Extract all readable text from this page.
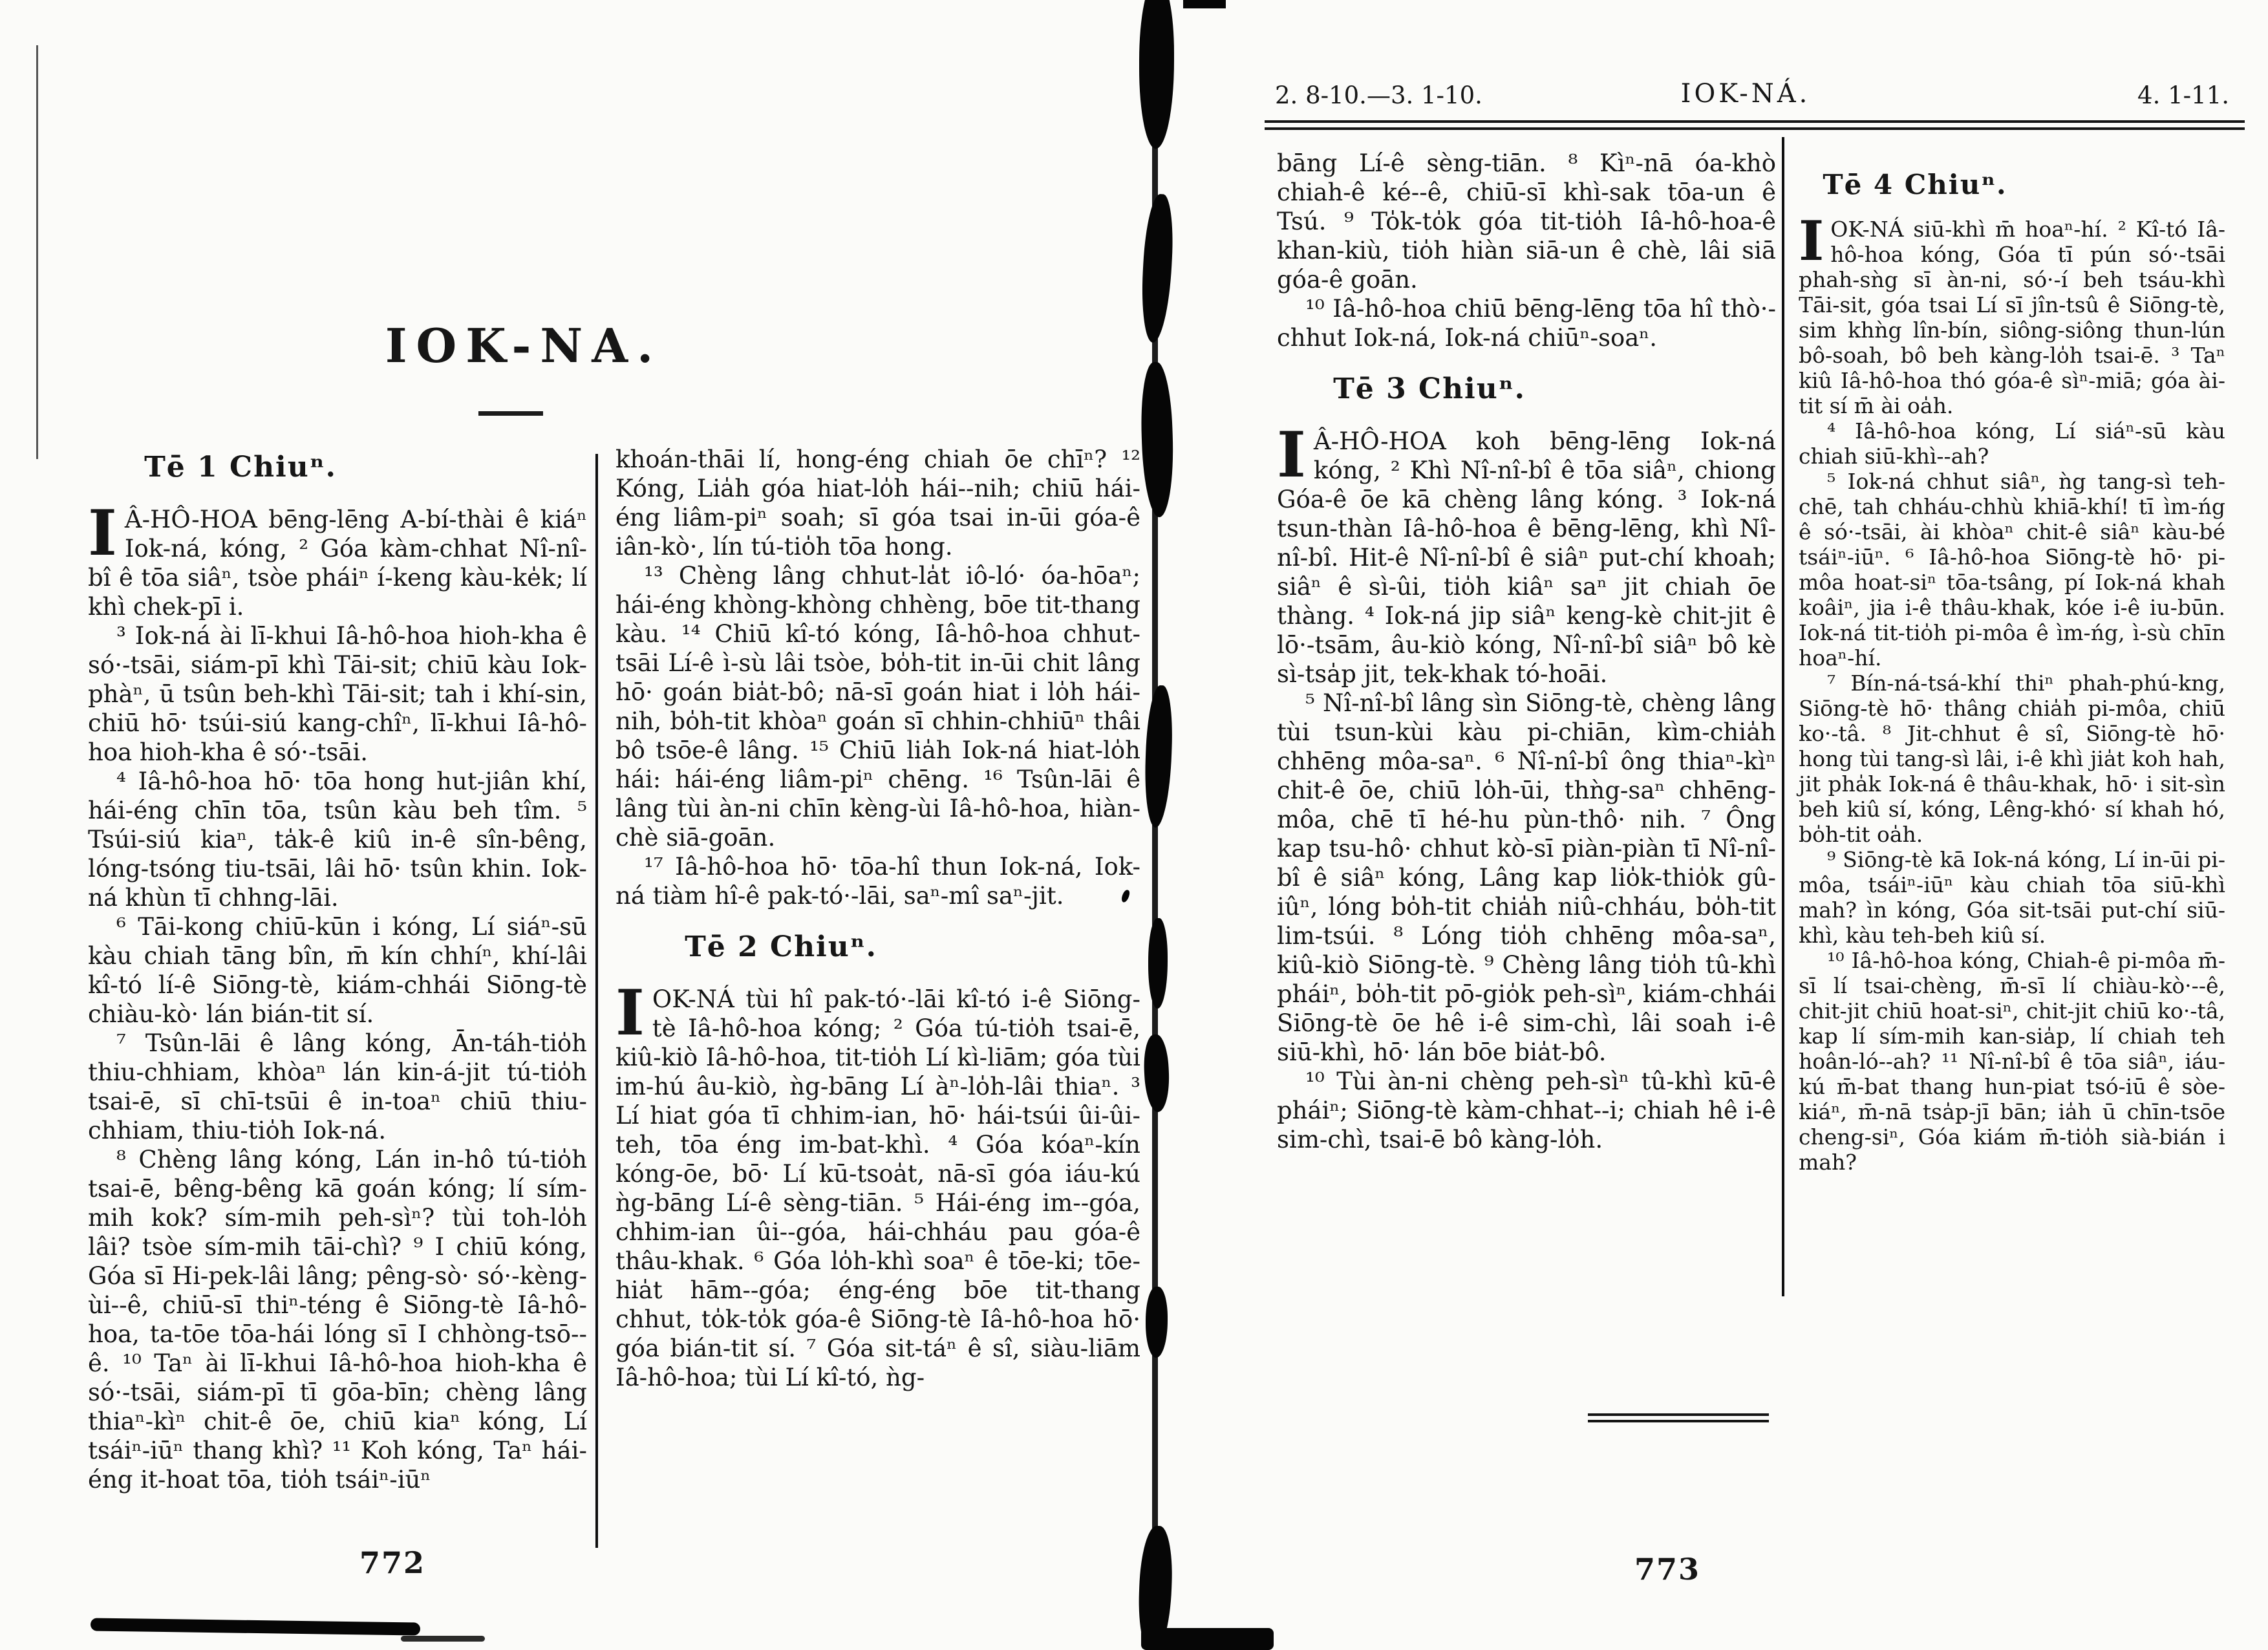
IOK-NA.
Tē 1 Chiuⁿ.

I Â-HÔ-HOA bēng-lēng A-bí-thài ê kiáⁿ Iok-ná, kóng, ² Góa kàm-chhat Nî-nî-bî ê tōa siâⁿ, tsòe pháiⁿ í-keng kàu-ke̍k; lí khì chek-pī i.

³ Iok-ná ài lī-khui Iâ-hô-hoa hioh-kha ê só·-tsāi, siám-pī khì Tāi-sit; chiū kàu Iok-phàⁿ, ū tsûn beh-khì Tāi-sit; tah i khí-sin, chiū hō· tsúi-siú kang-chîⁿ, lī-khui Iâ-hô-hoa hioh-kha ê só·-tsāi.

⁴ Iâ-hô-hoa hō· tōa hong hut-jiân khí, hái-éng chīn tōa, tsûn kàu beh tîm. ⁵ Tsúi-siú kiaⁿ, ta̍k-ê kiû in-ê sîn-bêng, lóng-tsóng tiu-tsāi, lâi hō· tsûn khin. Iok-ná khùn tī chhng-lāi.

⁶ Tāi-kong chiū-kūn i kóng, Lí siáⁿ-sū kàu chiah tāng bîn, m̄ kín chhíⁿ, khí-lâi kî-tó lí-ê Siōng-tè, kiám-chhái Siōng-tè chiàu-kò· lán bián-tit sí.

⁷ Tsûn-lāi ê lâng kóng, Ān-táh-tio̍h thiu-chhiam, khòaⁿ lán kin-á-jit tú-tio̍h tsai-ē, sī chī-tsūi ê in-toaⁿ chiū thiu-chhiam, thiu-tio̍h Iok-ná.

⁸ Chèng lâng kóng, Lán in-hô tú-tio̍h tsai-ē, bêng-bêng kā goán kóng; lí sím-mih kok? sím-mih peh-sìⁿ? tùi toh-lo̍h lâi? tsòe sím-mih tāi-chì? ⁹ I chiū kóng, Góa sī Hi-pek-lâi lâng; pêng-sò· só·-kèng-ùi--ê, chiū-sī thiⁿ-téng ê Siōng-tè Iâ-hô-hoa, ta-tōe tōa-hái lóng sī I chhòng-tsō--ê. ¹⁰ Taⁿ ài lī-khui Iâ-hô-hoa hioh-kha ê só·-tsāi, siám-pī tī gōa-bīn; chèng lâng thiaⁿ-kìⁿ chit-ê ōe, chiū kiaⁿ kóng, Lí tsáiⁿ-iūⁿ thang khì? ¹¹ Koh kóng, Taⁿ hái-éng it-hoat tōa, tio̍h tsáiⁿ-iūⁿ

khoán-thāi lí, hong-éng chiah ōe chīⁿ? ¹² Kóng, Lia̍h góa hiat-lo̍h hái--nih; chiū hái-éng liâm-piⁿ soah; sī góa tsai in-ūi góa-ê iân-kò·, lín tú-tio̍h tōa hong.

¹³ Chèng lâng chhut-la̍t iô-ló· óa-hōaⁿ; hái-éng khòng-khòng chhèng, bōe tit-thang kàu. ¹⁴ Chiū kî-tó kóng, Iâ-hô-hoa chhut-tsāi Lí-ê ì-sù lâi tsòe, bo̍h-tit in-ūi chit lâng hō· goán bia̍t-bô; nā-sī goán hiat i lo̍h hái-nih, bo̍h-tit khòaⁿ goán sī chhin-chhiūⁿ thâi bô tsōe-ê lâng. ¹⁵ Chiū lia̍h Iok-ná hiat-lo̍h hái: hái-éng liâm-piⁿ chēng. ¹⁶ Tsûn-lāi ê lâng tùi àn-ni chīn kèng-ùi Iâ-hô-hoa, hiàn-chè siā-goān.

¹⁷ Iâ-hô-hoa hō· tōa-hî thun Iok-ná, Iok-ná tiàm hî-ê pak-tó·-lāi, saⁿ-mî saⁿ-jit.

Tē 2 Chiuⁿ.

IOK-NÁ tùi hî pak-tó·-lāi kî-tó i-ê Siōng-tè Iâ-hô-hoa kóng; ² Góa tú-tio̍h tsai-ē, kiû-kiò Iâ-hô-hoa, tit-tio̍h Lí kì-liām; góa tùi im-hú âu-kiò, ǹg-bāng Lí àⁿ-lo̍h-lâi thiaⁿ. ³ Lí hiat góa tī chhim-ian, hō· hái-tsúi ûi-ûi-teh, tōa éng im-bat-khì. ⁴ Góa kóaⁿ-kín kóng-ōe, bō· Lí kū-tsoa̍t, nā-sī góa iáu-kú ǹg-bāng Lí-ê sèng-tiān. ⁵ Hái-éng im--góa, chhim-ian ûi--góa, hái-chháu pau góa-ê thâu-khak. ⁶ Góa lo̍h-khì soaⁿ ê tōe-ki; tōe-hia̍t hām--góa; éng-éng bōe tit-thang chhut, to̍k-to̍k góa-ê Siōng-tè Iâ-hô-hoa hō· góa bián-tit sí. ⁷ Góa sit-táⁿ ê sî, siàu-liām Iâ-hô-hoa; tùi Lí kî-tó, ǹg-

772
2. 8-10.—3. 1-10.	IOK-NÁ.	4. 1-11.

bāng Lí-ê sèng-tiān. ⁸ Kìⁿ-nā óa-khò chiah-ê ké--ê, chiū-sī khì-sak tōa-un ê Tsú. ⁹ To̍k-to̍k góa tit-tio̍h Iâ-hô-hoa-ê khan-kiù, tio̍h hiàn siā-un ê chè, lâi siā góa-ê goān.

¹⁰ Iâ-hô-hoa chiū bēng-lēng tōa hî thò·-chhut Iok-ná, Iok-ná chiūⁿ-soaⁿ.

Tē 3 Chiuⁿ.

I Â-HÔ-HOA koh bēng-lēng Iok-ná kóng, ² Khì Nî-nî-bî ê tōa siâⁿ, chiong Góa-ê ōe kā chèng lâng kóng. ³ Iok-ná tsun-thàn Iâ-hô-hoa ê bēng-lēng, khì Nî-nî-bî. Hit-ê Nî-nî-bî ê siâⁿ put-chí khoah; siâⁿ ê sì-ûi, tio̍h kiâⁿ saⁿ jit chiah ōe thàng. ⁴ Iok-ná jip siâⁿ keng-kè chit-jit ê lō·-tsām, âu-kiò kóng, Nî-nî-bî siâⁿ bô kè sì-tsa̍p jit, tek-khak tó-hoāi.

⁵ Nî-nî-bî lâng sìn Siōng-tè, chèng lâng tùi tsun-kùi kàu pi-chiān, kìm-chia̍h chhēng môa-saⁿ. ⁶ Nî-nî-bî ông thiaⁿ-kìⁿ chit-ê ōe, chiū lo̍h-ūi, thǹg-saⁿ chhēng-môa, chē tī hé-hu pùn-thô· nih. ⁷ Ông kap tsu-hô· chhut kò-sī piàn-piàn tī Nî-nî-bî ê siâⁿ kóng, Lâng kap lio̍k-thio̍k gû-iûⁿ, lóng bo̍h-tit chia̍h niû-chháu, bo̍h-tit lim-tsúi. ⁸ Lóng tio̍h chhēng môa-saⁿ, kiû-kiò Siōng-tè. ⁹ Chèng lâng tio̍h tû-khì pháiⁿ, bo̍h-tit pō-gio̍k peh-sìⁿ, kiám-chhái Siōng-tè ōe hê i-ê sim-chì, lâi soah i-ê siū-khì, hō· lán bōe bia̍t-bô.

¹⁰ Tùi àn-ni chèng peh-sìⁿ tû-khì kū-ê pháiⁿ; Siōng-tè kàm-chhat--i; chiah hê i-ê sim-chì, tsai-ē bô kàng-lo̍h.

Tē 4 Chiuⁿ.

IOK-NÁ siū-khì m̄ hoaⁿ-hí. ² Kî-tó Iâ-hô-hoa kóng, Góa tī pún só·-tsāi phah-sǹg sī àn-ni, só·-í beh tsáu-khì Tāi-sit, góa tsai Lí sī jîn-tsû ê Siōng-tè, sim khǹg lîn-bín, siông-siông thun-lún bô-soah, bô beh kàng-lo̍h tsai-ē. ³ Taⁿ kiû Iâ-hô-hoa thó góa-ê sìⁿ-miā; góa ài-tit sí m̄ ài oa̍h.

⁴ Iâ-hô-hoa kóng, Lí siáⁿ-sū kàu chiah siū-khì--ah?

⁵ Iok-ná chhut siâⁿ, ǹg tang-sì teh-chē, tah chháu-chhù khiā-khí! tī ìm-ńg ê só·-tsāi, ài khòaⁿ chit-ê siâⁿ kàu-bé tsáiⁿ-iūⁿ. ⁶ Iâ-hô-hoa Siōng-tè hō· pi-môa hoat-siⁿ tōa-tsâng, pí Iok-ná khah koâiⁿ, jia i-ê thâu-khak, kóe i-ê iu-būn. Iok-ná tit-tio̍h pi-môa ê ìm-ńg, ì-sù chīn hoaⁿ-hí.

⁷ Bín-ná-tsá-khí thiⁿ phah-phú-kng, Siōng-tè hō· thâng chia̍h pi-môa, chiū ko·-tâ. ⁸ Jit-chhut ê sî, Siōng-tè hō· hong tùi tang-sì lâi, i-ê khì jia̍t koh hah, jit pha̍k Iok-ná ê thâu-khak, hō· i sit-sìn beh kiû sí, kóng, Lêng-khó· sí khah hó, bo̍h-tit oa̍h.

⁹ Siōng-tè kā Iok-ná kóng, Lí in-ūi pi-môa, tsáiⁿ-iūⁿ kàu chiah tōa siū-khì mah? ìn kóng, Góa sit-tsāi put-chí siū-khì, kàu teh-beh kiû sí.

¹⁰ Iâ-hô-hoa kóng, Chiah-ê pi-môa m̄-sī lí tsai-chèng, m̄-sī lí chiàu-kò·--ê, chit-jit chiū hoat-siⁿ, chit-jit chiū ko·-tâ, kap lí sím-mih kan-sia̍p, lí chiah teh hoân-ló--ah? ¹¹ Nî-nî-bî ê tōa siâⁿ, iáu-kú m̄-bat thang hun-piat tsó-iū ê sòe-kiáⁿ, m̄-nā tsa̍p-jī bān; ia̍h ū chīn-tsōe cheng-siⁿ, Góa kiám m̄-tio̍h sià-bián i mah?

773
